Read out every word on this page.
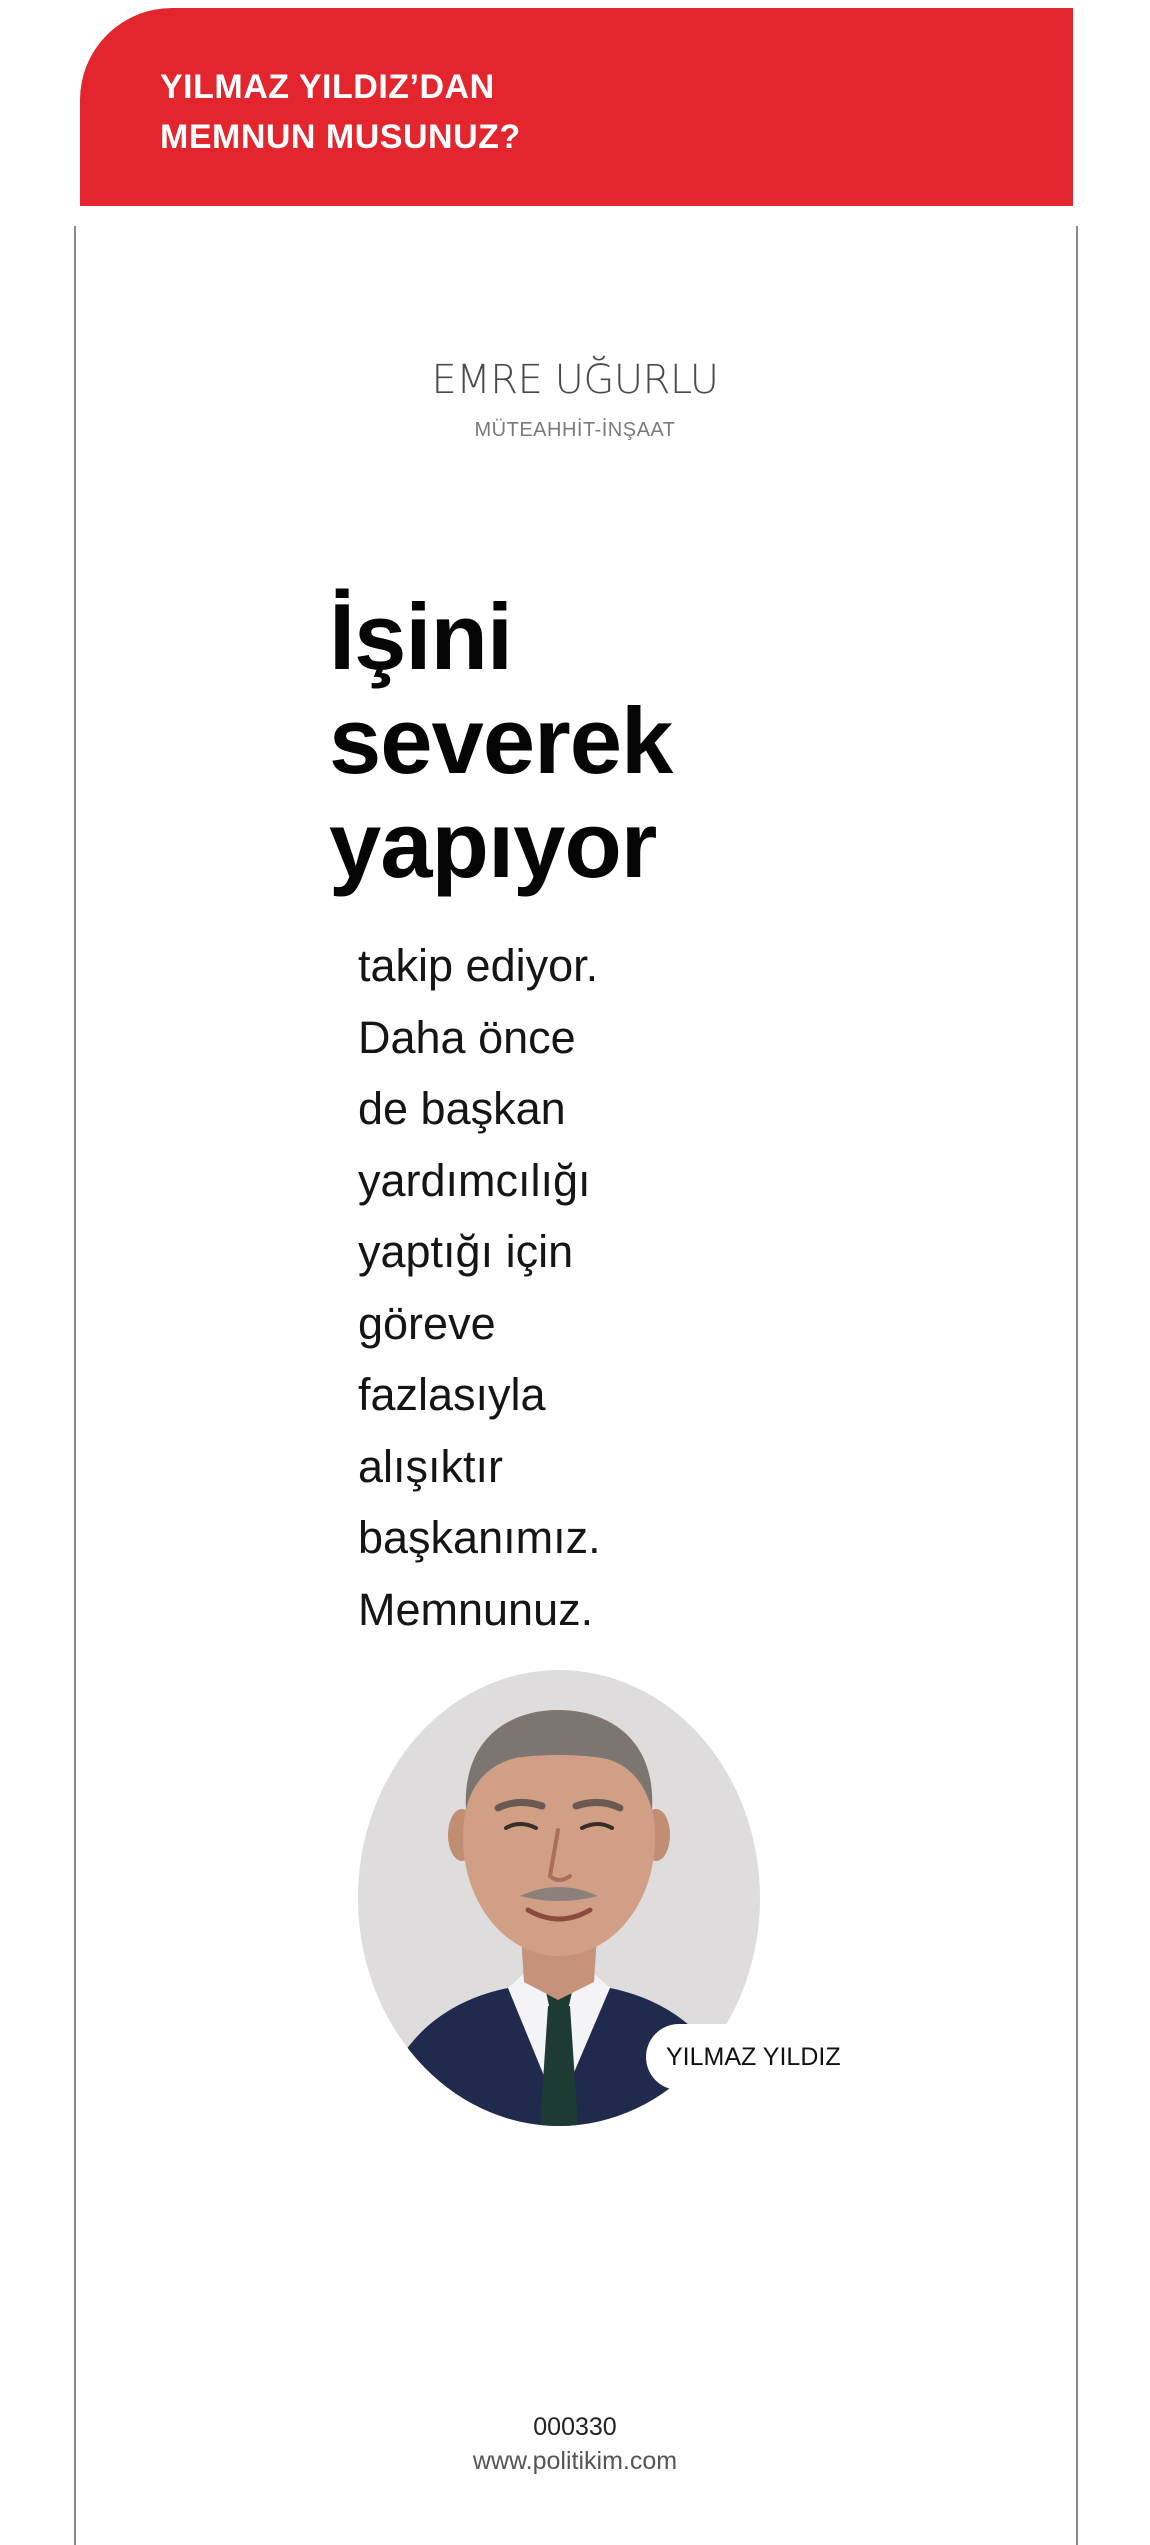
YILMAZ YILDIZ’DAN
MEMNUN MUSUNUZ?
EMRE UĞURLU
MÜTEAHHİT-İNŞAAT
İşini
severek
yapıyor
takip ediyor.
Daha önce
de başkan
yardımcılığı
yaptığı için
göreve
fazlasıyla
alışıktır
başkanımız.
Memnunuz.
YILMAZ YILDIZ
000330
www.politikim.com
